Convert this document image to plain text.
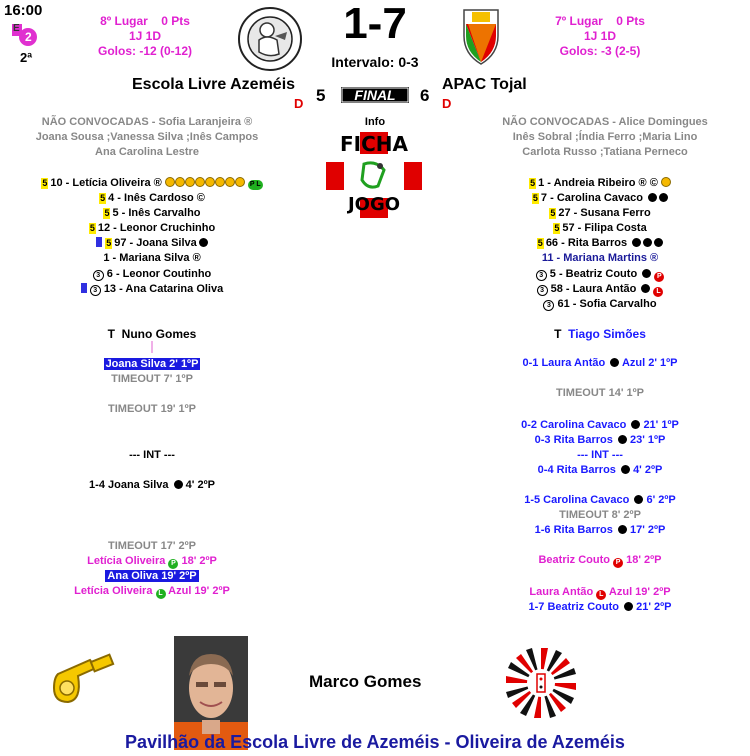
16:00
E
2
2ª
8º Lugar 0 Pts
1J 1D
Golos: -12 (0-12)
1-7
Intervalo: 0-3
7º Lugar 0 Pts
1J 1D
Golos: -3 (2-5)
Escola Livre Azeméis
D 5	FINAL	6
APAC Tojal
D
Info
FICHA
JOGO
NÃO CONVOCADAS - Sofia Laranjeira ®
Joana Sousa ;Vanessa Silva ;Inês Campos
Ana Carolina Lestre
NÃO CONVOCADAS - Alice Domingues
Inês Sobral ;Índia Ferro ;Maria Lino
Carlota Russo ;Tatiana Perneco
5 10 - Letícia Oliveira ®	P L
5 4 - Inês Cardoso ©
5 5 - Inês Carvalho
5 12 - Leonor Cruchinho
5 97 - Joana Silva
1 - Mariana Silva ®
3 6 - Leonor Coutinho
3 13 - Ana Catarina Oliva
5 1 - Andreia Ribeiro ® ©
5 7 - Carolina Cavaco
5 27 - Susana Ferro
5 57 - Filipa Costa
5 66 - Rita Barros
11 - Mariana Martins ®
3 5 - Beatriz Couto	P
3 58 - Laura Antão	L
3 61 - Sofia Carvalho
T Nuno Gomes	T Tiago Simões
Joana Silva 2' 1ºP
TIMEOUT 7' 1ºP
TIMEOUT 19' 1ºP
--- INT ---
1-4 Joana Silva 4' 2ºP
TIMEOUT 17' 2ºP
Letícia Oliveira P 18' 2ºP
Ana Oliva 19' 2ºP
Letícia Oliveira L Azul 19' 2ºP
0-1 Laura Antão Azul 2' 1ºP
TIMEOUT 14' 1ºP
0-2 Carolina Cavaco 21' 1ºP
0-3 Rita Barros 23' 1ºP
--- INT ---
0-4 Rita Barros 4' 2ºP
1-5 Carolina Cavaco 6' 2ºP
TIMEOUT 8' 2ºP
1-6 Rita Barros 17' 2ºP
Beatriz Couto P 18' 2ºP
Laura Antão L Azul 19' 2ºP
1-7 Beatriz Couto 21' 2ºP
Marco Gomes
Pavilhão da Escola Livre de Azeméis - Oliveira de Azeméis
